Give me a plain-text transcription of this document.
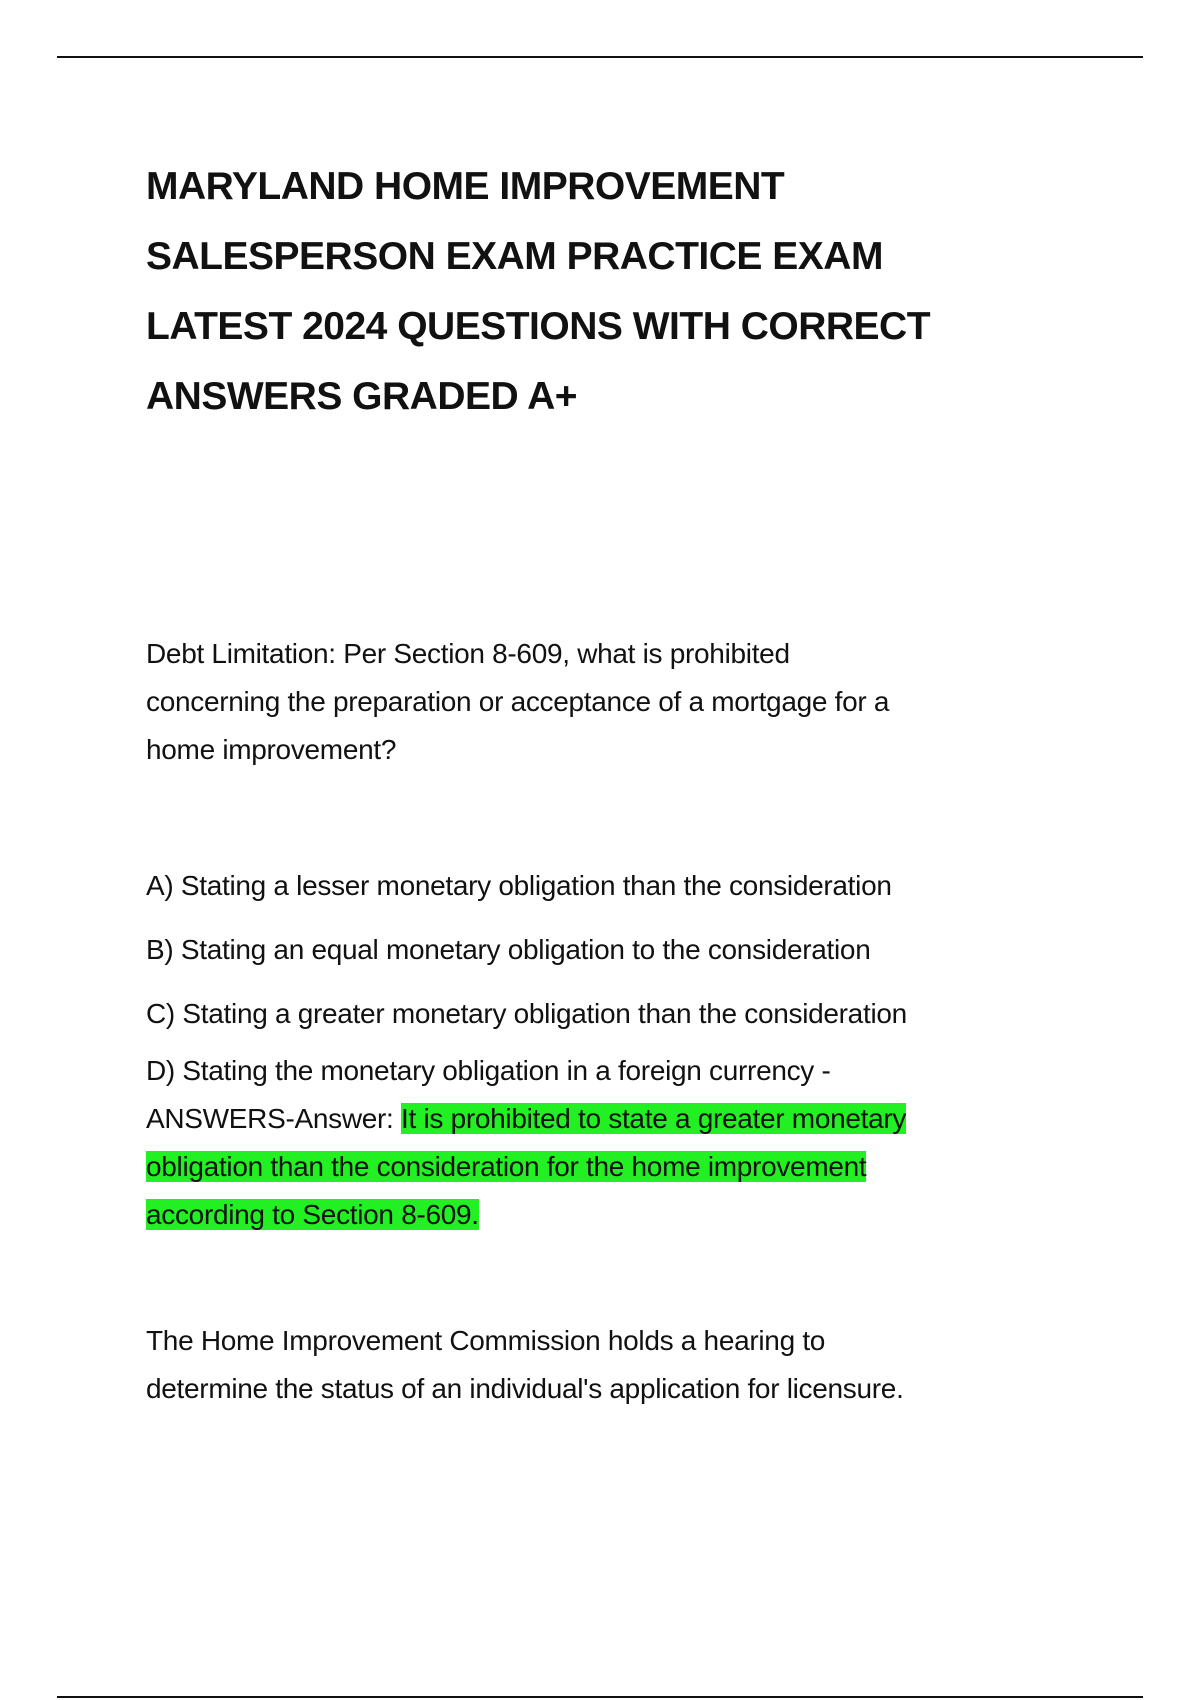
MARYLAND HOME IMPROVEMENT
SALESPERSON EXAM PRACTICE EXAM
LATEST 2024 QUESTIONS WITH CORRECT
ANSWERS GRADED A+
Debt Limitation: Per Section 8-609, what is prohibited
concerning the preparation or acceptance of a mortgage for a
home improvement?
A) Stating a lesser monetary obligation than the consideration
B) Stating an equal monetary obligation to the consideration
C) Stating a greater monetary obligation than the consideration
D) Stating the monetary obligation in a foreign currency -
ANSWERS-Answer: It is prohibited to state a greater monetary
obligation than the consideration for the home improvement
according to Section 8-609.
The Home Improvement Commission holds a hearing to
determine the status of an individual's application for licensure.
